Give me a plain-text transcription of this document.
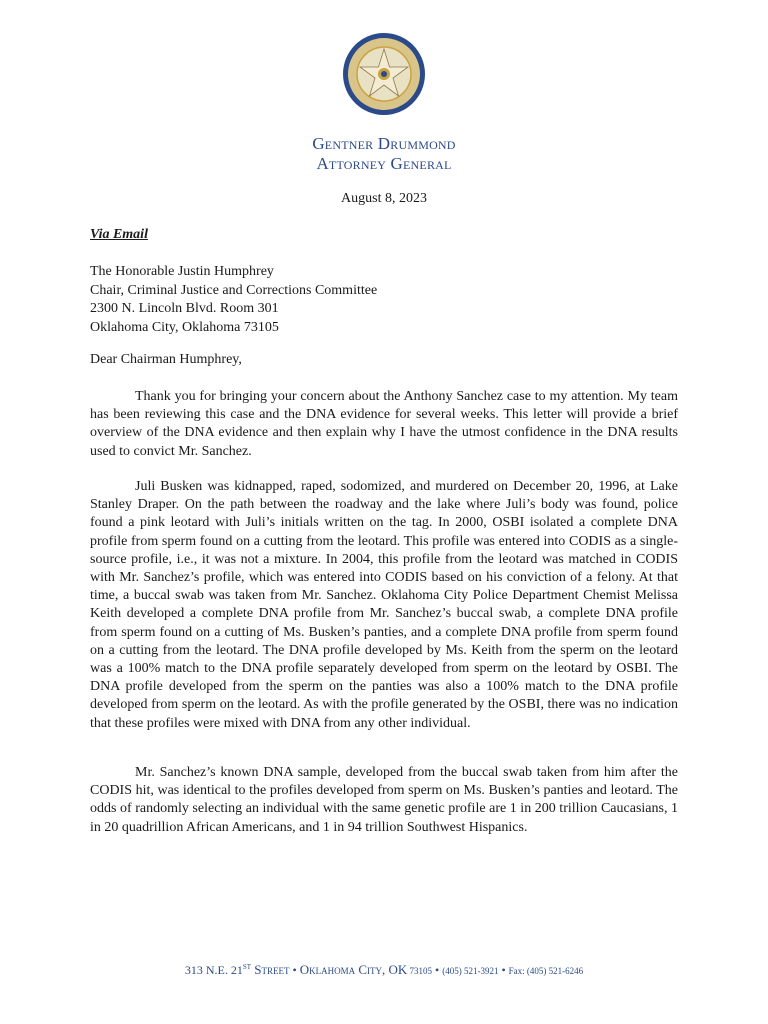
Gentner Drummond
Attorney General
August 8, 2023
Via Email
The Honorable Justin Humphrey
Chair, Criminal Justice and Corrections Committee
2300 N. Lincoln Blvd. Room 301
Oklahoma City, Oklahoma 73105
Dear Chairman Humphrey,

Thank you for bringing your concern about the Anthony Sanchez case to my attention. My team has been reviewing this case and the DNA evidence for several weeks. This letter will provide a brief overview of the DNA evidence and then explain why I have the utmost confidence in the DNA results used to convict Mr. Sanchez.

Juli Busken was kidnapped, raped, sodomized, and murdered on December 20, 1996, at Lake Stanley Draper. On the path between the roadway and the lake where Juli’s body was found, police found a pink leotard with Juli’s initials written on the tag. In 2000, OSBI isolated a complete DNA profile from sperm found on a cutting from the leotard. This profile was entered into CODIS as a single-source profile, i.e., it was not a mixture. In 2004, this profile from the leotard was matched in CODIS with Mr. Sanchez’s profile, which was entered into CODIS based on his conviction of a felony. At that time, a buccal swab was taken from Mr. Sanchez. Oklahoma City Police Department Chemist Melissa Keith developed a complete DNA profile from Mr. Sanchez’s buccal swab, a complete DNA profile from sperm found on a cutting of Ms. Busken’s panties, and a complete DNA profile from sperm found on a cutting from the leotard. The DNA profile developed by Ms. Keith from the sperm on the leotard was a 100% match to the DNA profile separately developed from sperm on the leotard by OSBI. The DNA profile developed from the sperm on the panties was also a 100% match to the DNA profile developed from sperm on the leotard. As with the profile generated by the OSBI, there was no indication that these profiles were mixed with DNA from any other individual.

Mr. Sanchez’s known DNA sample, developed from the buccal swab taken from him after the CODIS hit, was identical to the profiles developed from sperm on Ms. Busken’s panties and leotard. The odds of randomly selecting an individual with the same genetic profile are 1 in 200 trillion Caucasians, 1 in 20 quadrillion African Americans, and 1 in 94 trillion Southwest Hispanics.

313 N.E. 21ST Street • Oklahoma City, OK 73105 • (405) 521-3921 • Fax: (405) 521-6246
